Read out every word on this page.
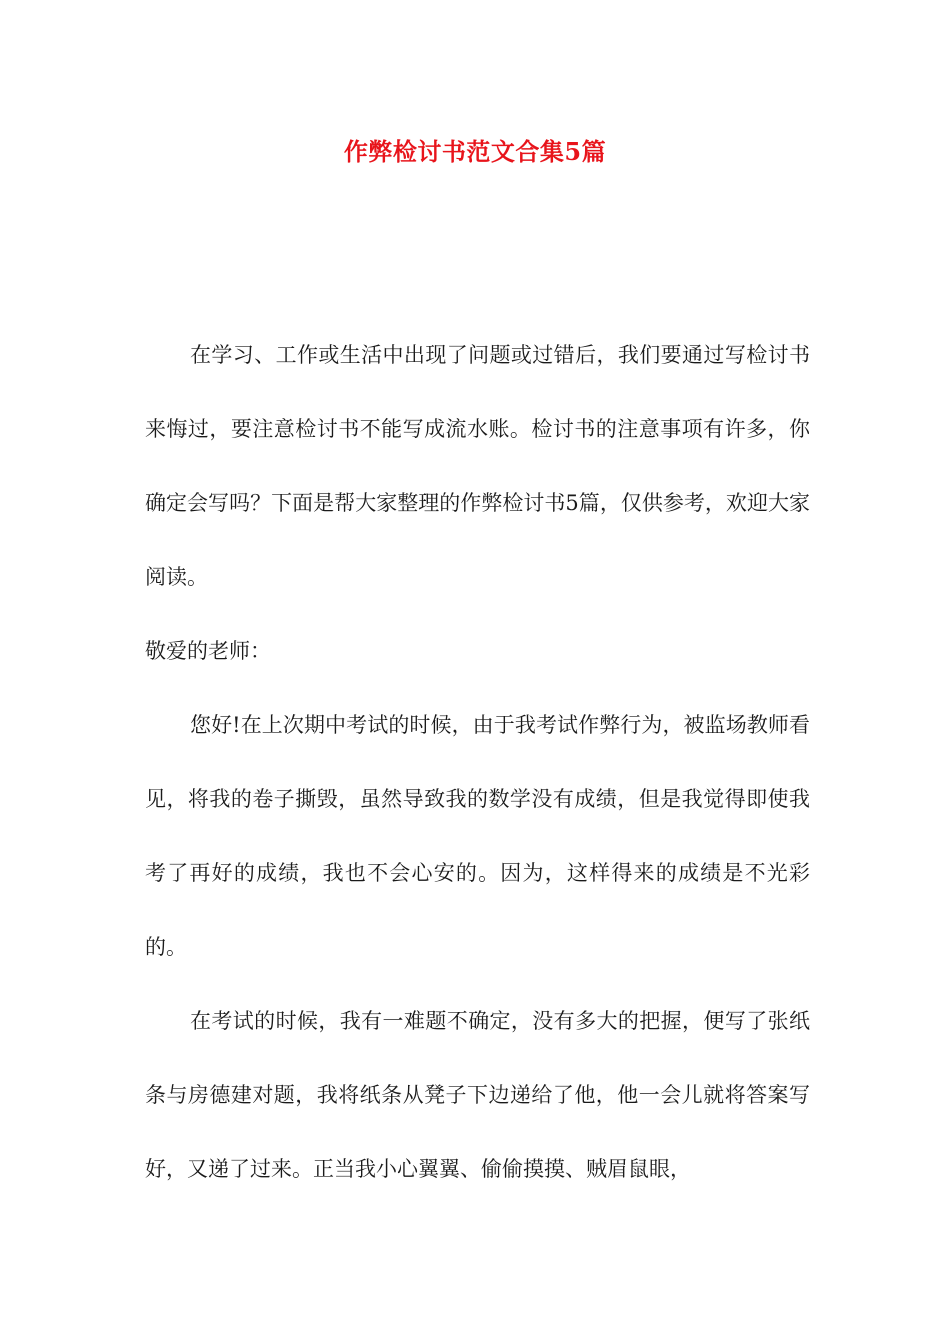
作弊检讨书范文合集5篇

在学习、工作或生活中出现了问题或过错后，我们要通过写检讨书来悔过，要注意检讨书不能写成流水账。检讨书的注意事项有许多，你确定会写吗？下面是帮大家整理的作弊检讨书5篇，仅供参考，欢迎大家阅读。

敬爱的老师：

您好!在上次期中考试的时候，由于我考试作弊行为，被监场教师看见，将我的卷子撕毁，虽然导致我的数学没有成绩，但是我觉得即使我考了再好的成绩，我也不会心安的。因为，这样得来的成绩是不光彩的。

在考试的时候，我有一难题不确定，没有多大的把握，便写了张纸条与房德建对题，我将纸条从凳子下边递给了他，他一会儿就将答案写好，又递了过来。正当我小心翼翼、偷偷摸摸、贼眉鼠眼，
